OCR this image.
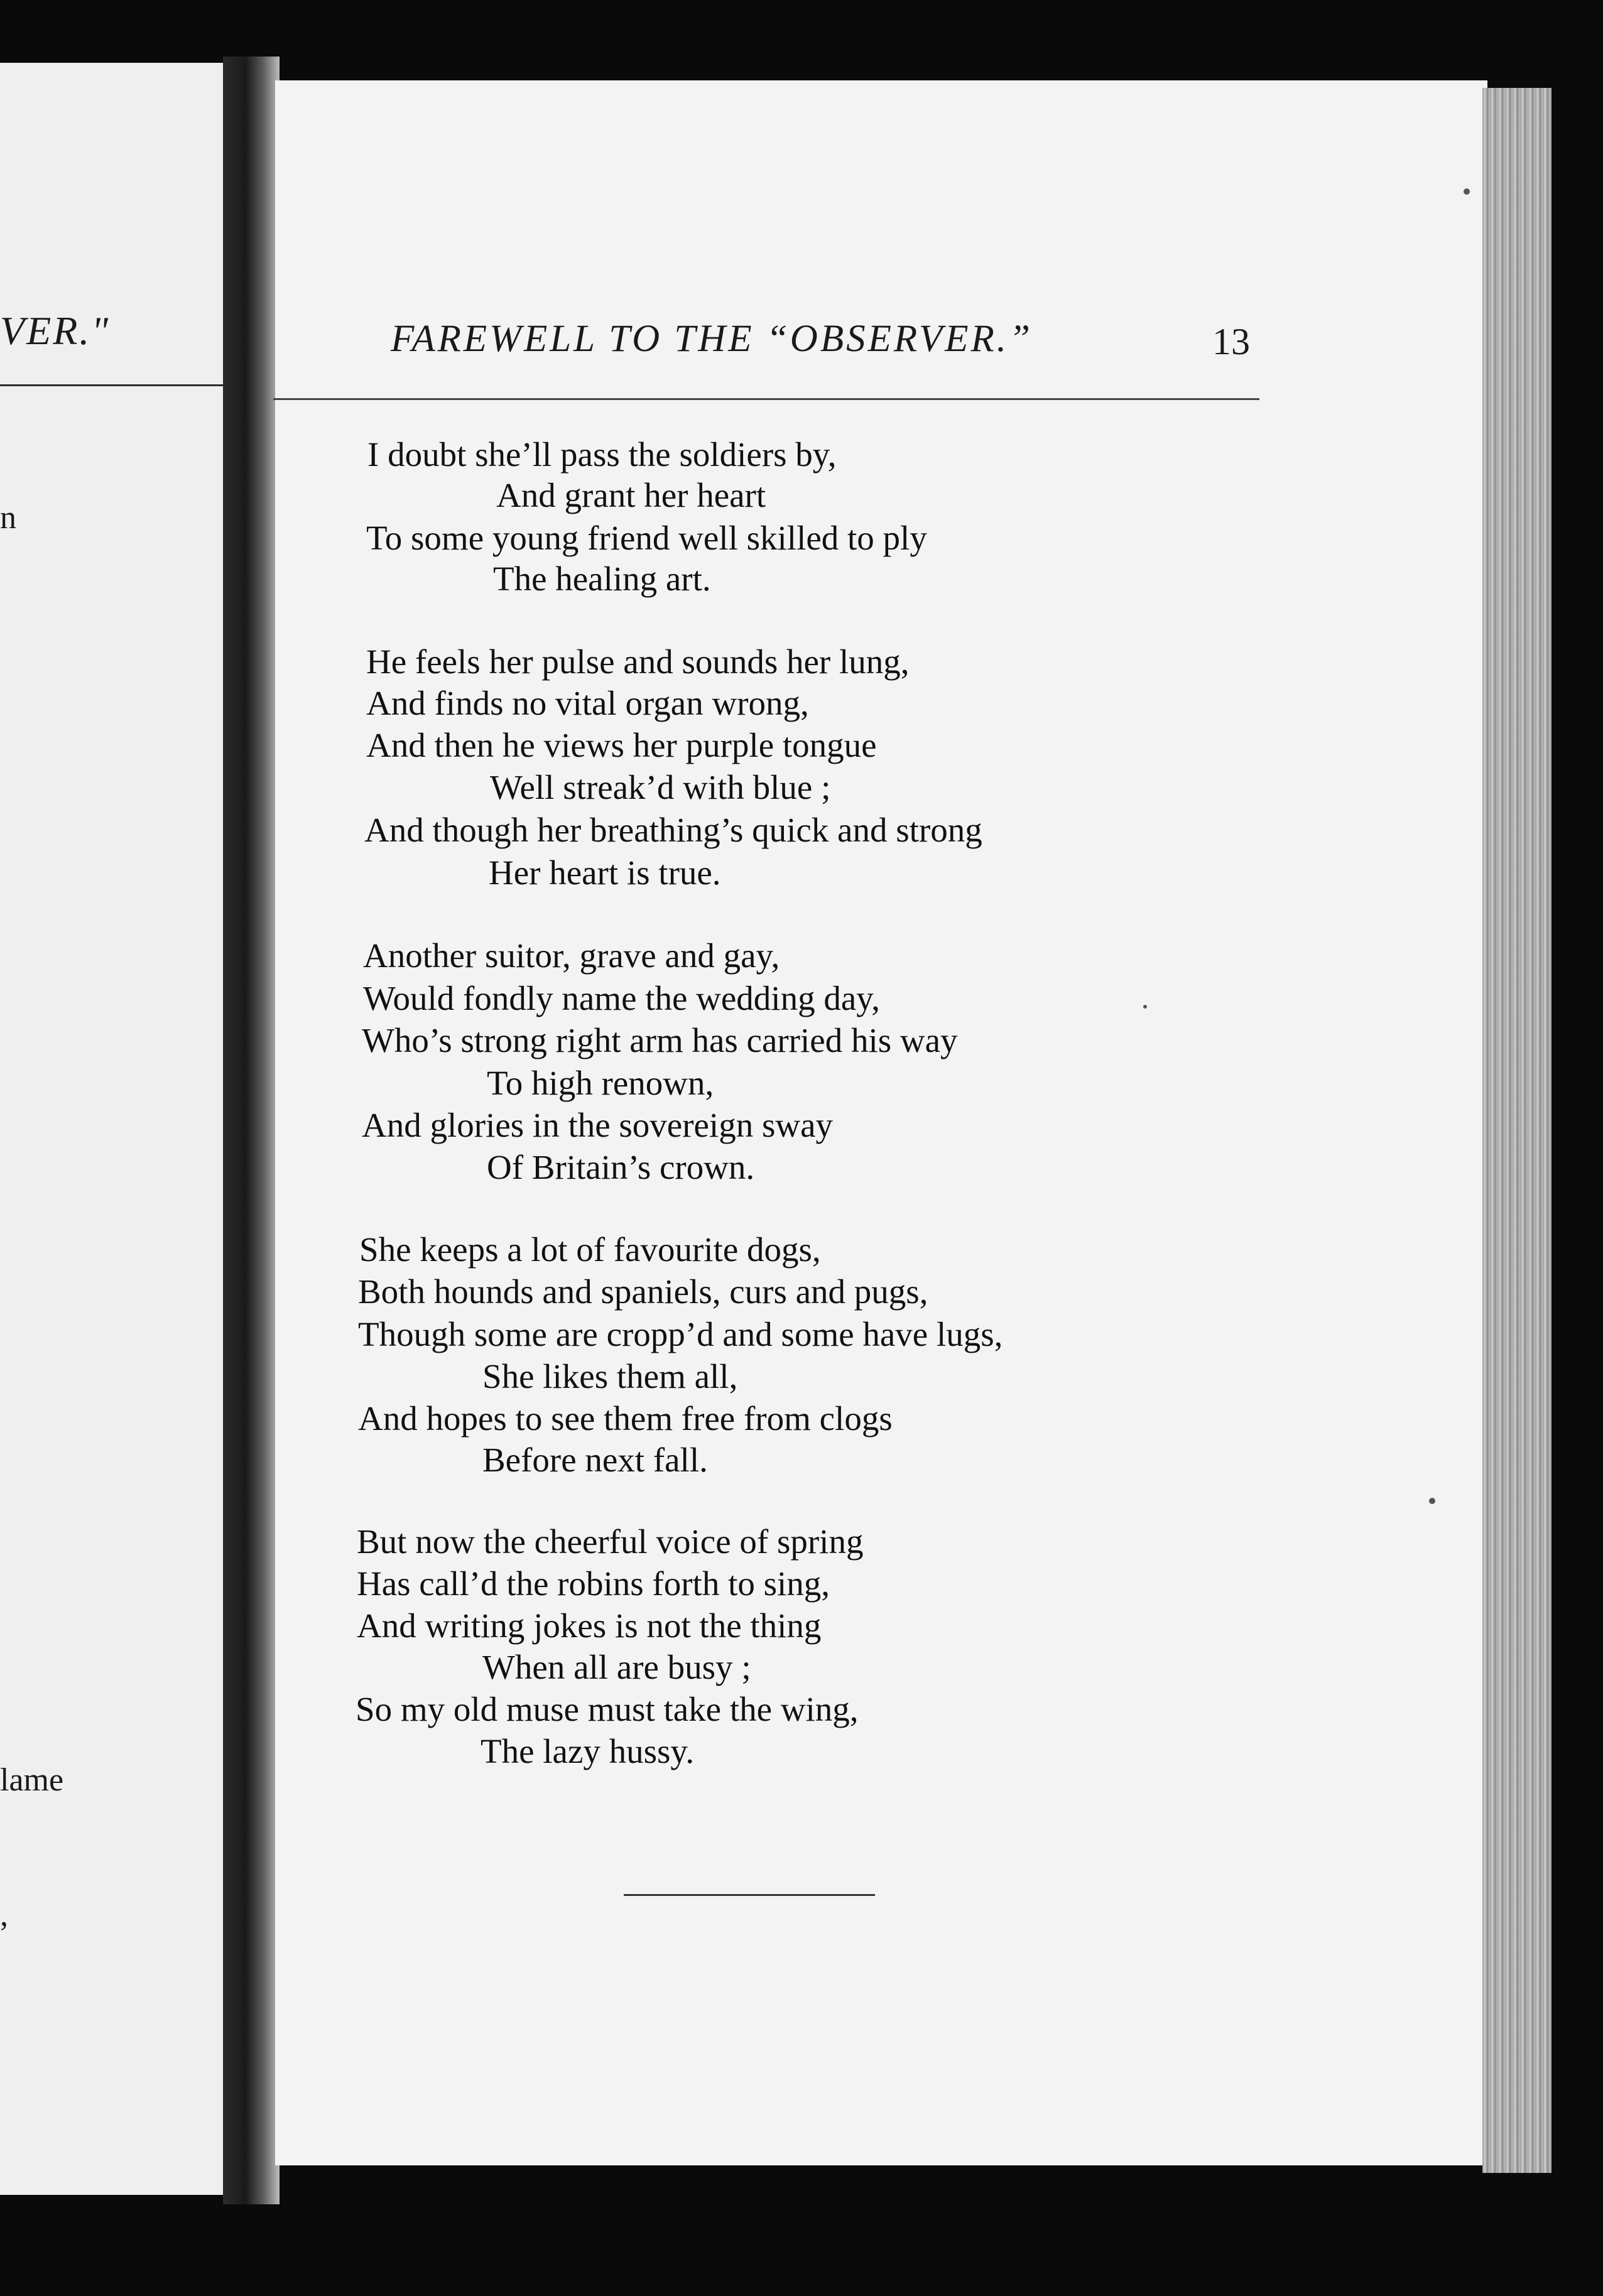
VER."
n
lame
,
FAREWELL TO THE “OBSERVER.”	13
I doubt she’ll pass the soldiers by,
And grant her heart
To some young friend well skilled to ply
The healing art.
He feels her pulse and sounds her lung,
And finds no vital organ wrong,
And then he views her purple tongue
Well streak’d with blue ;
And though her breathing’s quick and strong
Her heart is true.
Another suitor, grave and gay,
Would fondly name the wedding day,
Who’s strong right arm has carried his way
To high renown,
And glories in the sovereign sway
Of Britain’s crown.
She keeps a lot of favourite dogs,
Both hounds and spaniels, curs and pugs,
Though some are cropp’d and some have lugs,
She likes them all,
And hopes to see them free from clogs
Before next fall.
But now the cheerful voice of spring
Has call’d the robins forth to sing,
And writing jokes is not the thing
When all are busy ;
So my old muse must take the wing,
The lazy hussy.
